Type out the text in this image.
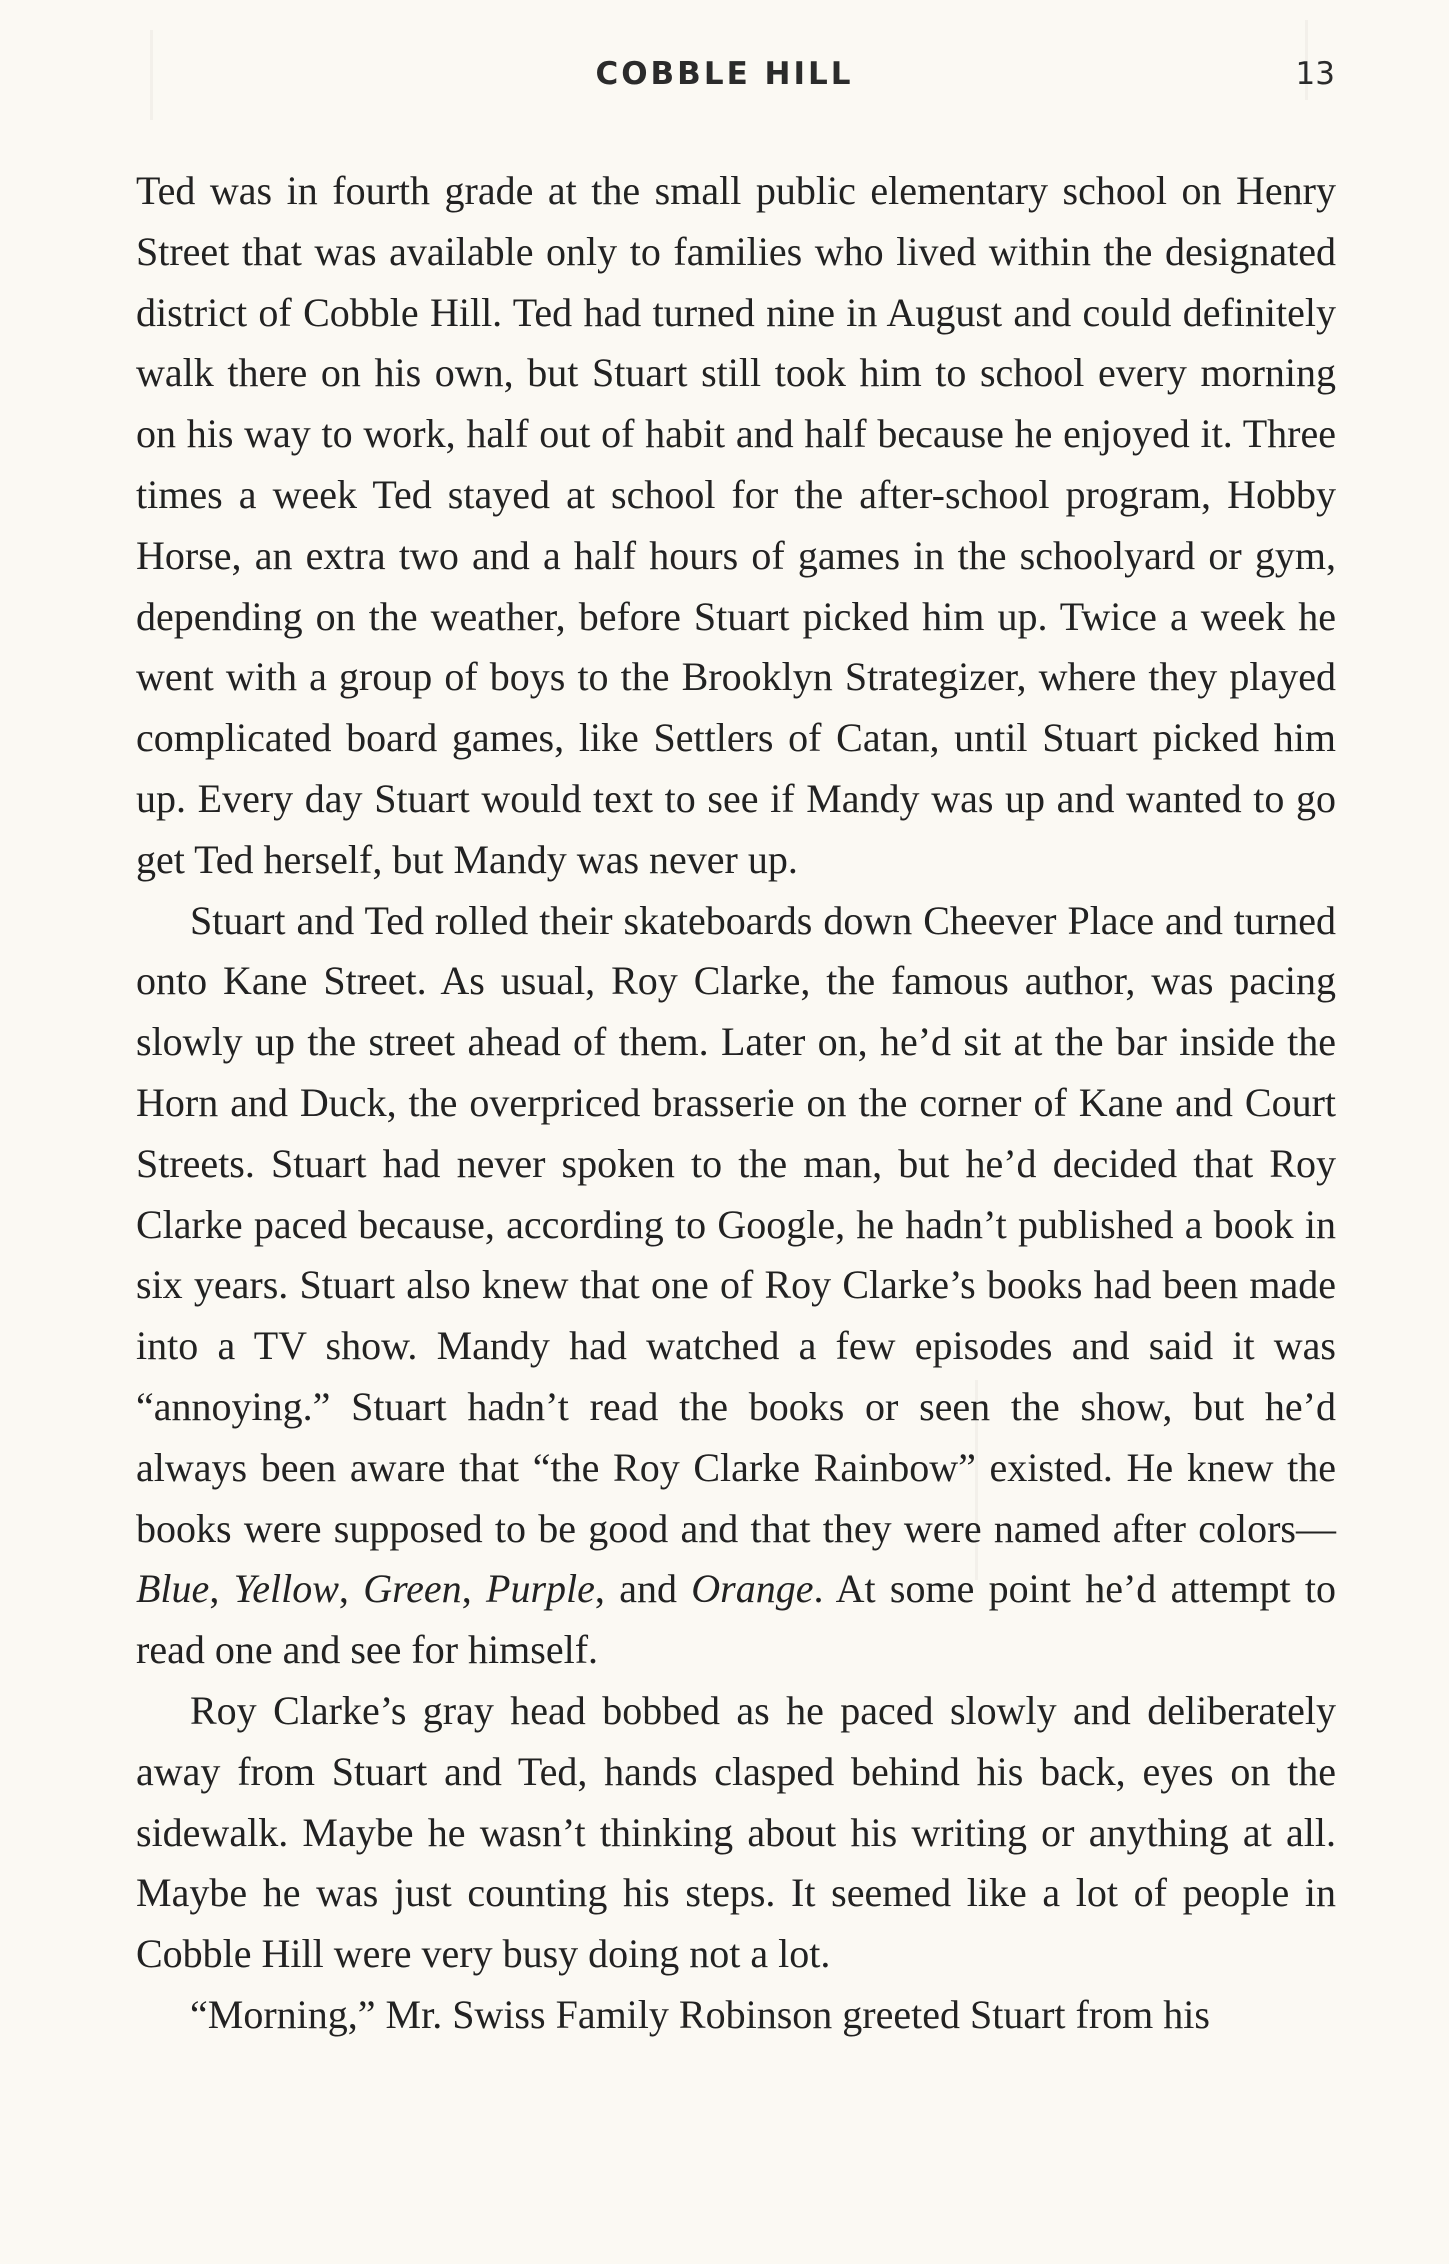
COBBLE HILL	13

Ted was in fourth grade at the small public elementary school on Henry Street that was available only to families who lived within the designated district of Cobble Hill. Ted had turned nine in August and could definitely walk there on his own, but Stuart still took him to school every morning on his way to work, half out of habit and half because he enjoyed it. Three times a week Ted stayed at school for the after-school program, Hobby Horse, an extra two and a half hours of games in the schoolyard or gym, depending on the weather, before Stuart picked him up. Twice a week he went with a group of boys to the Brooklyn Strategizer, where they played complicated board games, like Settlers of Catan, until Stuart picked him up. Every day Stuart would text to see if Mandy was up and wanted to go get Ted herself, but Mandy was never up.

Stuart and Ted rolled their skateboards down Cheever Place and turned onto Kane Street. As usual, Roy Clarke, the famous author, was pacing slowly up the street ahead of them. Later on, he’d sit at the bar inside the Horn and Duck, the overpriced brasserie on the corner of Kane and Court Streets. Stuart had never spoken to the man, but he’d decided that Roy Clarke paced because, according to Google, he hadn’t published a book in six years. Stuart also knew that one of Roy Clarke’s books had been made into a TV show. Mandy had watched a few episodes and said it was “annoying.” Stuart hadn’t read the books or seen the show, but he’d always been aware that “the Roy Clarke Rainbow” existed. He knew the books were supposed to be good and that they were named after colors—Blue, Yellow, Green, Purple, and Orange. At some point he’d attempt to read one and see for himself.

Roy Clarke’s gray head bobbed as he paced slowly and deliberately away from Stuart and Ted, hands clasped behind his back, eyes on the sidewalk. Maybe he wasn’t thinking about his writing or anything at all. Maybe he was just counting his steps. It seemed like a lot of people in Cobble Hill were very busy doing not a lot.

“Morning,” Mr. Swiss Family Robinson greeted Stuart from his
